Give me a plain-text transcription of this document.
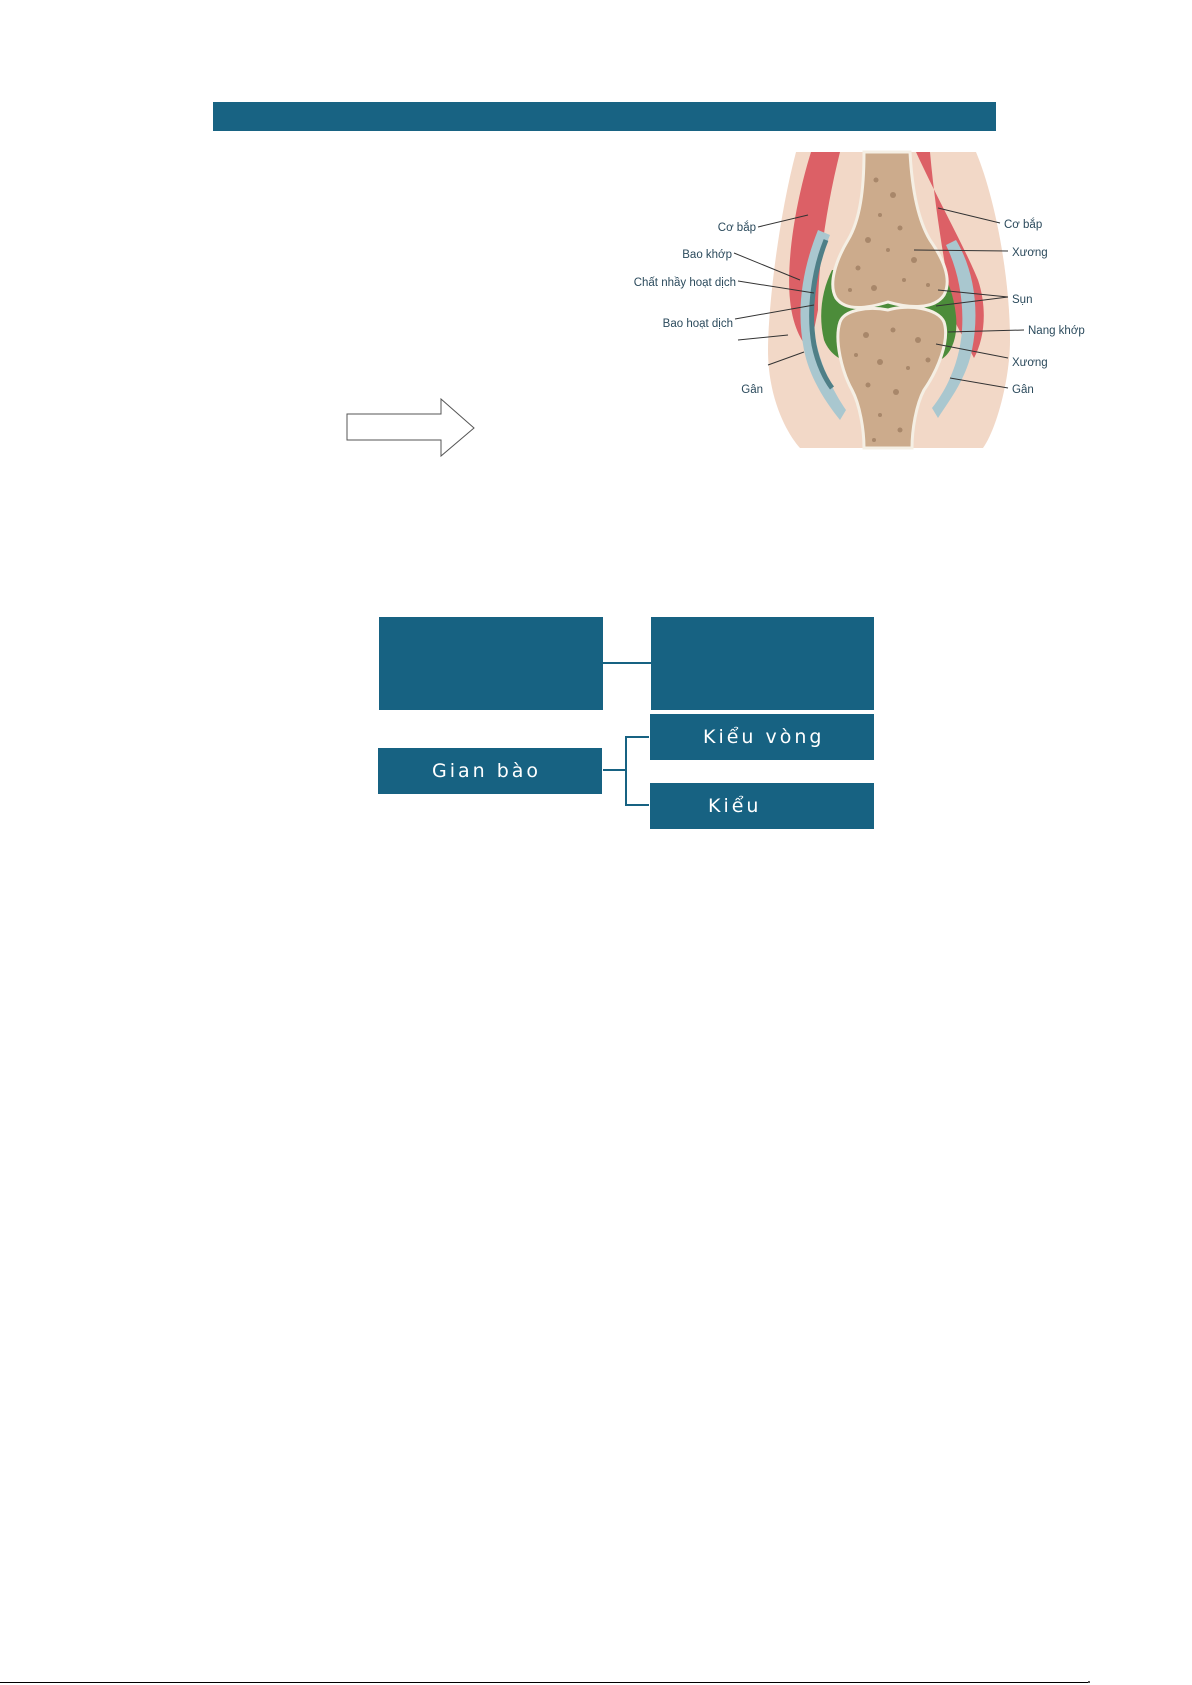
Cơ bắp
Bao khớp
Chất nhầy hoạt dịch
Bao hoạt dịch
Gân
Cơ bắp
Xương
Sụn
Nang khớp
Xương
Gân
Gian bào
Kiểu vòng
Kiểu
